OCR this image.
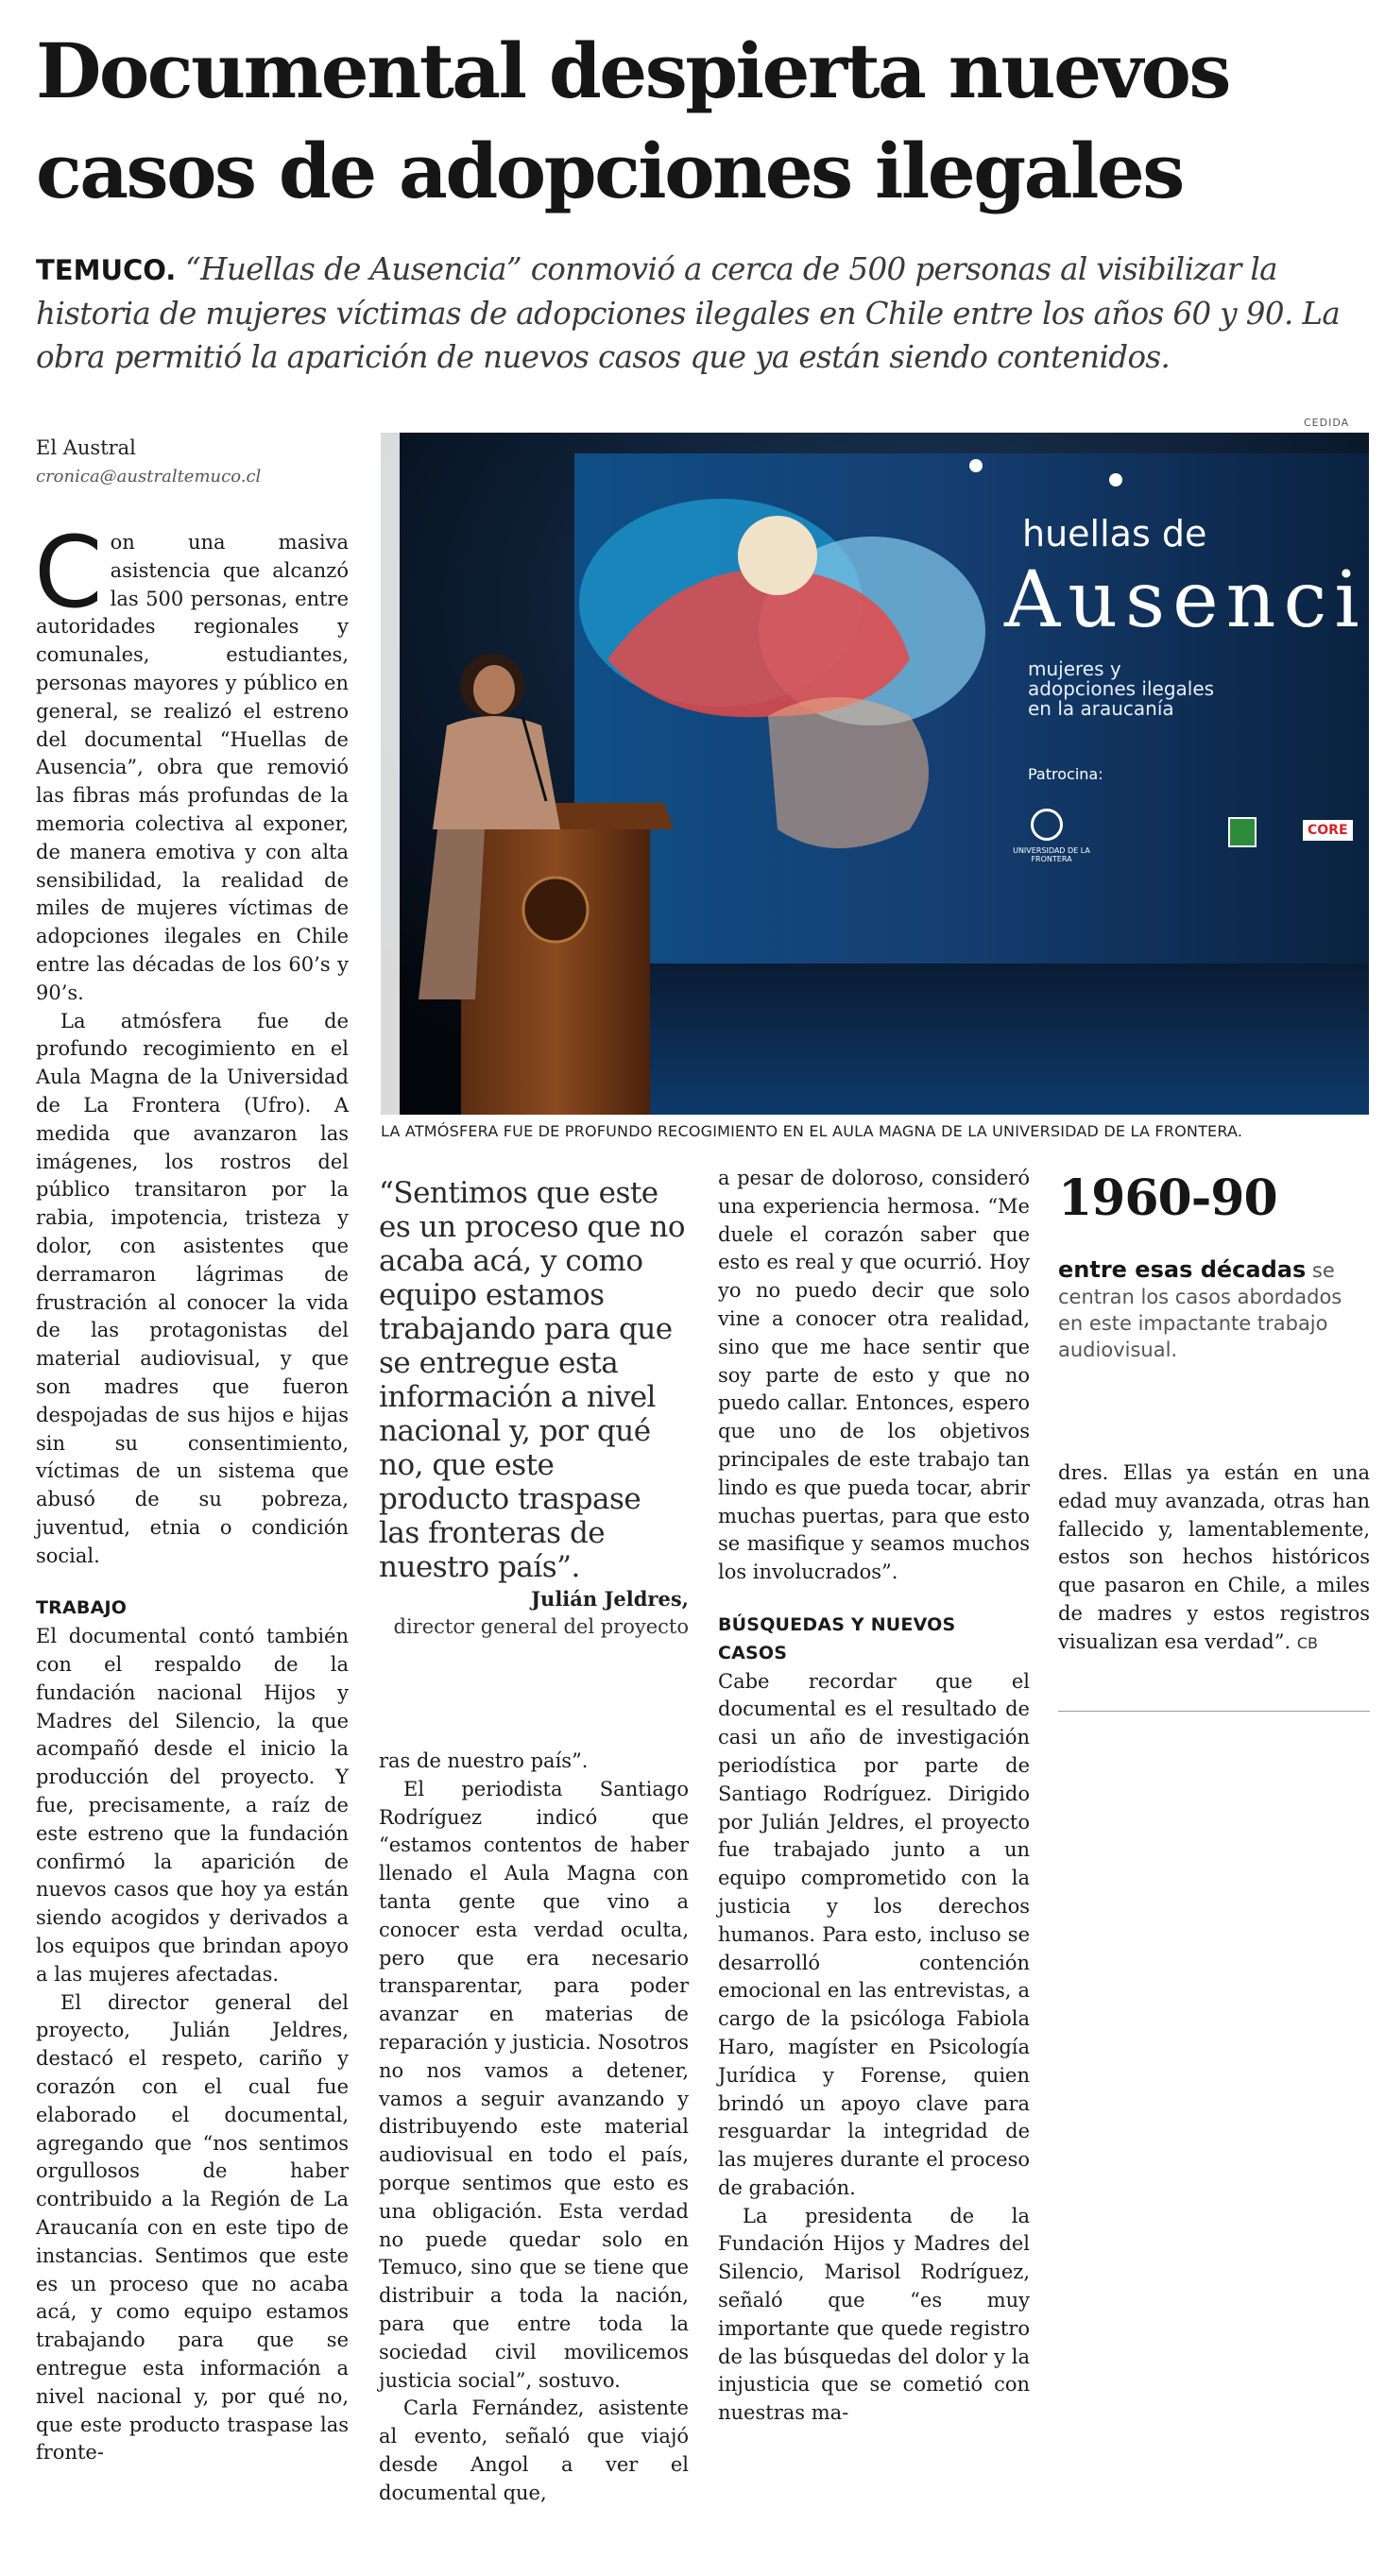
Documental despierta nuevos
casos de adopciones ilegales

TEMUCO. “Huellas de Ausencia” conmovió a cerca de 500 personas al visibilizar la historia de mujeres víctimas de adopciones ilegales en Chile entre los años 60 y 90. La obra permitió la aparición de nuevos casos que ya están siendo contenidos.

El Austral
cronica@australtemuco.cl
CEDIDA
huellas de
Ausenci
mujeres y
adopciones ilegales
en la araucanía
Patrocina:
UNIVERSIDAD DE LA FRONTERA
CORE
LA ATMÓSFERA FUE DE PROFUNDO RECOGIMIENTO EN EL AULA MAGNA DE LA UNIVERSIDAD DE LA FRONTERA.

Con una masiva asistencia que alcanzó las 500 personas, entre autoridades regionales y comunales, estudiantes, personas mayores y público en general, se realizó el estreno del documental “Huellas de Ausencia”, obra que removió las fibras más profundas de la memoria colectiva al exponer, de manera emotiva y con alta sensibilidad, la realidad de miles de mujeres víctimas de adopciones ilegales en Chile entre las décadas de los 60’s y 90’s.

La atmósfera fue de profundo recogimiento en el Aula Magna de la Universidad de La Frontera (Ufro). A medida que avanzaron las imágenes, los rostros del público transitaron por la rabia, impotencia, tristeza y dolor, con asistentes que derramaron lágrimas de frustración al conocer la vida de las protagonistas del material audiovisual, y que son madres que fueron despojadas de sus hijos e hijas sin su consentimiento, víctimas de un sistema que abusó de su pobreza, juventud, etnia o condición social.

TRABAJO

El documental contó también con el respaldo de la fundación nacional Hijos y Madres del Silencio, la que acompañó desde el inicio la producción del proyecto. Y fue, precisamente, a raíz de este estreno que la fundación confirmó la aparición de nuevos casos que hoy ya están siendo acogidos y derivados a los equipos que brindan apoyo a las mujeres afectadas.

El director general del proyecto, Julián Jeldres, destacó el respeto, cariño y corazón con el cual fue elaborado el documental, agregando que “nos sentimos orgullosos de haber contribuido a la Región de La Araucanía con en este tipo de instancias. Sentimos que este es un proceso que no acaba acá, y como equipo estamos trabajando para que se entregue esta información a nivel nacional y, por qué no, que este producto traspase las fronte-

“Sentimos que este es un proceso que no acaba acá, y como equipo estamos trabajando para que se entregue esta información a nivel nacional y, por qué no, que este producto traspase las fronteras de nuestro país”.
Julián Jeldres,
director general del proyecto

ras de nuestro país”.

El periodista Santiago Rodríguez indicó que “estamos contentos de haber llenado el Aula Magna con tanta gente que vino a conocer esta verdad oculta, pero que era necesario transparentar, para poder avanzar en materias de reparación y justicia. Nosotros no nos vamos a detener, vamos a seguir avanzando y distribuyendo este material audiovisual en todo el país, porque sentimos que esto es una obligación. Esta verdad no puede quedar solo en Temuco, sino que se tiene que distribuir a toda la nación, para que entre toda la sociedad civil movilicemos justicia social”, sostuvo.

Carla Fernández, asistente al evento, señaló que viajó desde Angol a ver el documental que,

a pesar de doloroso, consideró una experiencia hermosa. “Me duele el corazón saber que esto es real y que ocurrió. Hoy yo no puedo decir que solo vine a conocer otra realidad, sino que me hace sentir que soy parte de esto y que no puedo callar. Entonces, espero que uno de los objetivos principales de este trabajo tan lindo es que pueda tocar, abrir muchas puertas, para que esto se masifique y seamos muchos los involucrados”.

BÚSQUEDAS Y NUEVOS CASOS

Cabe recordar que el documental es el resultado de casi un año de investigación periodística por parte de Santiago Rodríguez. Dirigido por Julián Jeldres, el proyecto fue trabajado junto a un equipo comprometido con la justicia y los derechos humanos. Para esto, incluso se desarrolló contención emocional en las entrevistas, a cargo de la psicóloga Fabiola Haro, magíster en Psicología Jurídica y Forense, quien brindó un apoyo clave para resguardar la integridad de las mujeres durante el proceso de grabación.

La presidenta de la Fundación Hijos y Madres del Silencio, Marisol Rodríguez, señaló que “es muy importante que quede registro de las búsquedas del dolor y la injusticia que se cometió con nuestras ma-

1960-90
entre esas décadas se centran los casos abordados en este impactante trabajo audiovisual.

dres. Ellas ya están en una edad muy avanzada, otras han fallecido y, lamentablemente, estos son hechos históricos que pasaron en Chile, a miles de madres y estos registros visualizan esa verdad”. CB
